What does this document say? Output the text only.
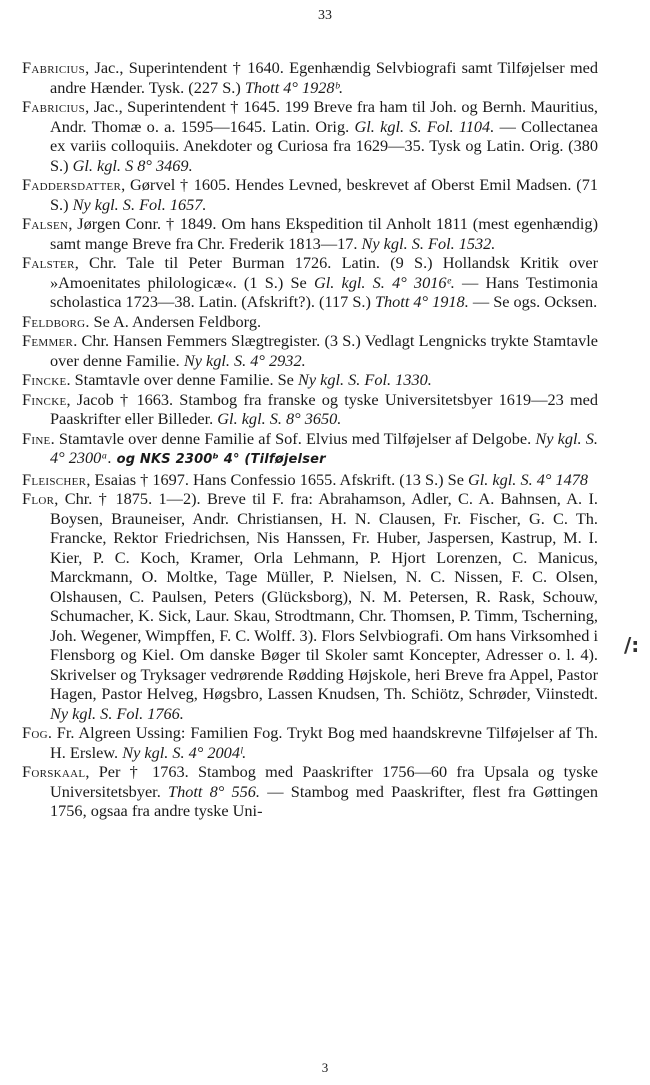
33

Fabricius, Jac., Superintendent † 1640. Egenhændig Selvbiografi samt Tilføjelser med andre Hænder. Tysk. (227 S.) Thott 4° 1928ᵇ.

Fabricius, Jac., Superintendent † 1645. 199 Breve fra ham til Joh. og Bernh. Mauritius, Andr. Thomæ o. a. 1595—1645. Latin. Orig. Gl. kgl. S. Fol. 1104. — Collectanea ex variis colloquiis. Anekdoter og Curiosa fra 1629—35. Tysk og Latin. Orig. (380 S.) Gl. kgl. S 8° 3469.

Faddersdatter, Gørvel † 1605. Hendes Levned, beskrevet af Oberst Emil Madsen. (71 S.) Ny kgl. S. Fol. 1657.

Falsen, Jørgen Conr. † 1849. Om hans Ekspedition til Anholt 1811 (mest egenhændig) samt mange Breve fra Chr. Frederik 1813—17. Ny kgl. S. Fol. 1532.

Falster, Chr. Tale til Peter Burman 1726. Latin. (9 S.) Hollandsk Kritik over »Amoenitates philologicæ«. (1 S.) Se Gl. kgl. S. 4° 3016ᵉ. — Hans Testimonia scholastica 1723—38. Latin. (Afskrift?). (117 S.) Thott 4° 1918. — Se ogs. Ocksen.

Feldborg. Se A. Andersen Feldborg.

Femmer. Chr. Hansen Femmers Slægtregister. (3 S.) Vedlagt Lengnicks trykte Stamtavle over denne Familie. Ny kgl. S. 4° 2932.

Fincke. Stamtavle over denne Familie. Se Ny kgl. S. Fol. 1330.

Fincke, Jacob † 1663. Stambog fra franske og tyske Universitetsbyer 1619—23 med Paaskrifter eller Billeder. Gl. kgl. S. 8° 3650.

Fine. Stamtavle over denne Familie af Sof. Elvius med Tilføjelser af Delgobe. Ny kgl. S. 4° 2300ᵃ. og NKS 2300ᵇ 4° (Tilføjelser

Fleischer, Esaias † 1697. Hans Confessio 1655. Afskrift. (13 S.) Se Gl. kgl. S. 4° 1478

Flor, Chr. † 1875. 1—2). Breve til F. fra: Abrahamson, Adler, C. A. Bahnsen, A. I. Boysen, Brauneiser, Andr. Christiansen, H. N. Clausen, Fr. Fischer, G. C. Th. Francke, Rektor Friedrichsen, Nis Hanssen, Fr. Huber, Jaspersen, Kastrup, M. I. Kier, P. C. Koch, Kramer, Orla Lehmann, P. Hjort Lorenzen, C. Manicus, Marckmann, O. Moltke, Tage Müller, P. Nielsen, N. C. Nissen, F. C. Olsen, Olshausen, C. Paulsen, Peters (Glücksborg), N. M. Petersen, R. Rask, Schouw, Schumacher, K. Sick, Laur. Skau, Strodtmann, Chr. Thomsen, P. Timm, Tscherning, Joh. Wegener, Wimpffen, F. C. Wolff. 3). Flors Selvbiografi. Om hans Virksomhed i Flensborg og Kiel. Om danske Bøger til Skoler samt Koncepter, Adresser o. l. 4). Skrivelser og Tryksager vedrørende Rødding Højskole, heri Breve fra Appel, Pastor Hagen, Pastor Helveg, Høgsbro, Lassen Knudsen, Th. Schiötz, Schrøder, Viinstedt. Ny kgl. S. Fol. 1766.

Fog. Fr. Algreen Ussing: Familien Fog. Trykt Bog med haandskrevne Tilføjelser af Th. H. Erslew. Ny kgl. S. 4° 2004ˡ.

Forskaal, Per † 1763. Stambog med Paaskrifter 1756—60 fra Upsala og tyske Universitetsbyer. Thott 8° 556. — Stambog med Paaskrifter, flest fra Gøttingen 1756, ogsaa fra andre tyske Uni-

/:
3
